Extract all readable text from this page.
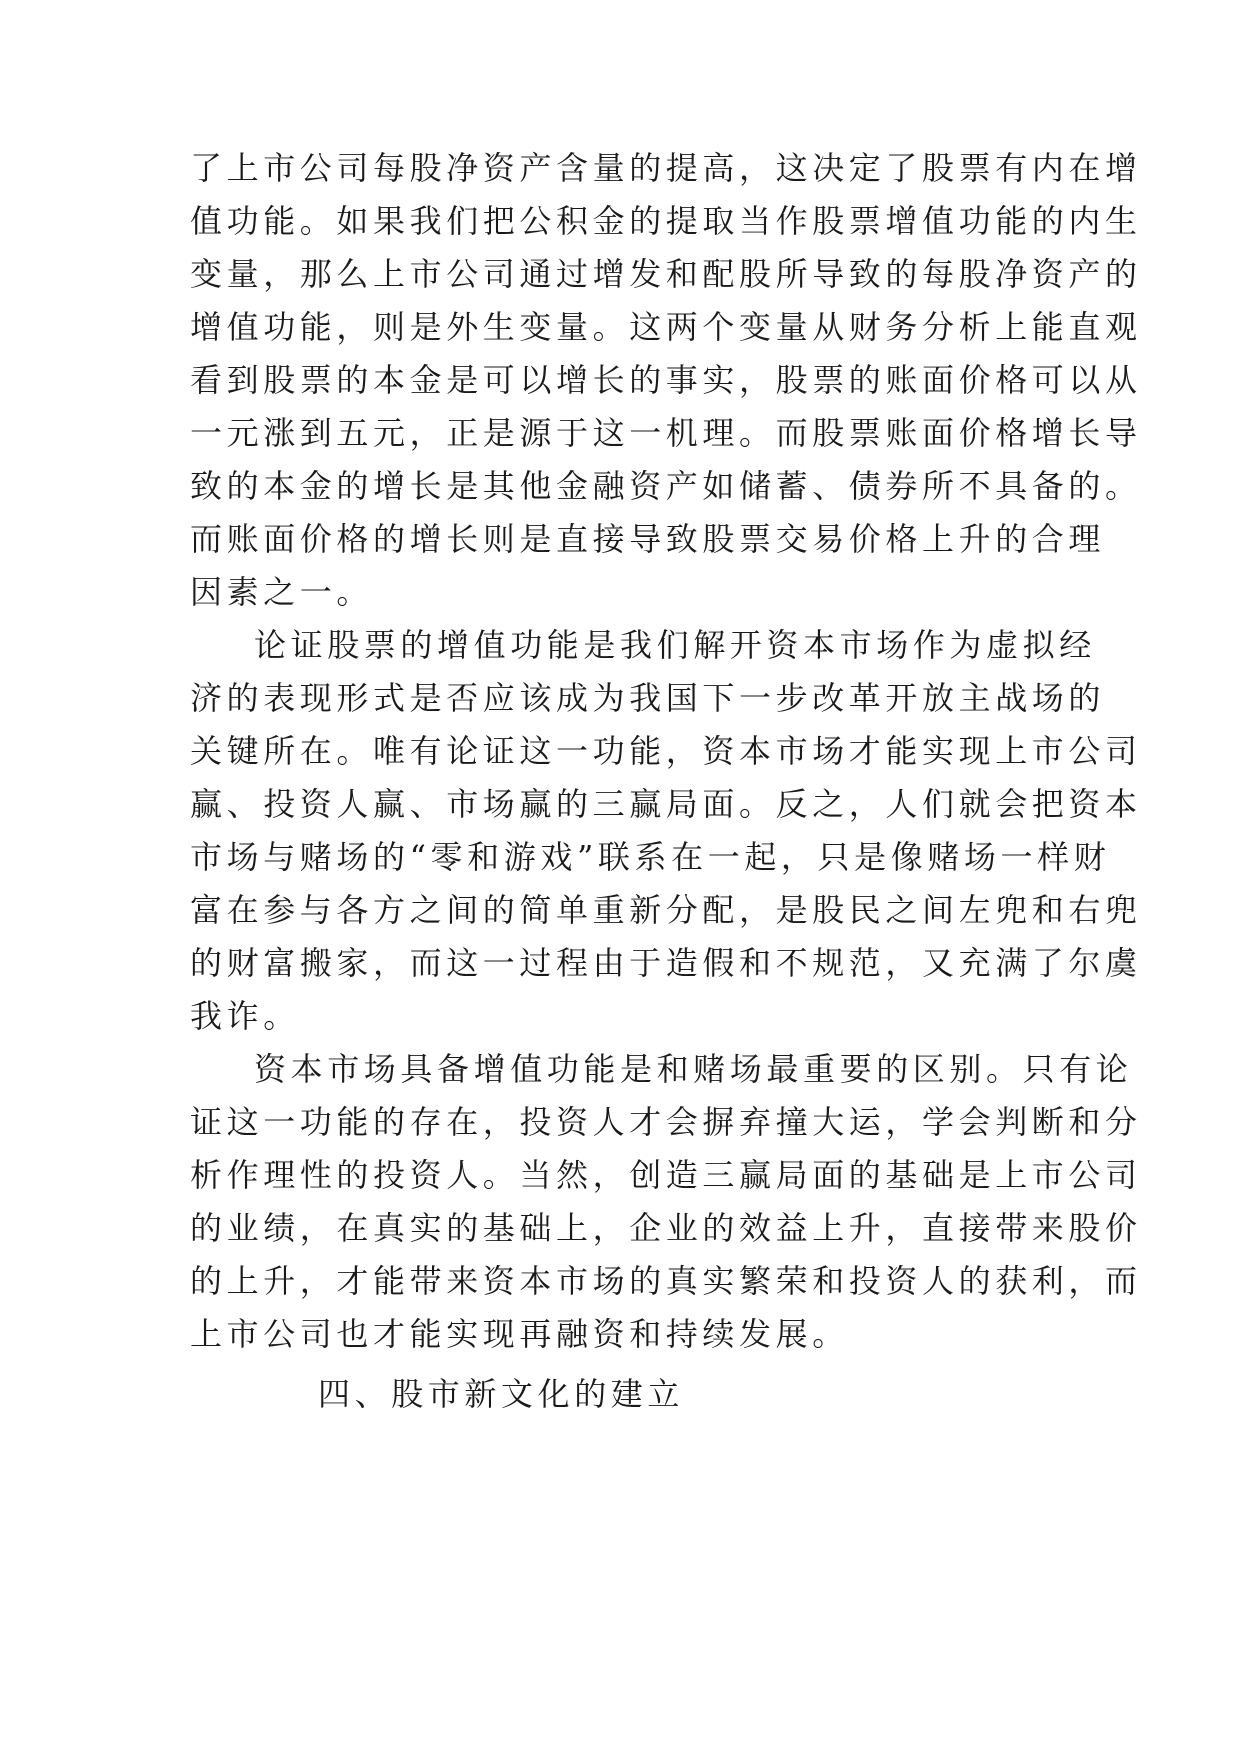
了上市公司每股净资产含量的提高，这决定了股票有内在增

值功能。如果我们把公积金的提取当作股票增值功能的内生

变量，那么上市公司通过增发和配股所导致的每股净资产的

增值功能，则是外生变量。这两个变量从财务分析上能直观

看到股票的本金是可以增长的事实，股票的账面价格可以从

一元涨到五元，正是源于这一机理。而股票账面价格增长导

致的本金的增长是其他金融资产如储蓄、债券所不具备的。

而账面价格的增长则是直接导致股票交易价格上升的合理

因素之一。

论证股票的增值功能是我们解开资本市场作为虚拟经

济的表现形式是否应该成为我国下一步改革开放主战场的

关键所在。唯有论证这一功能，资本市场才能实现上市公司

赢、投资人赢、市场赢的三赢局面。反之，人们就会把资本

市场与赌场的“零和游戏”联系在一起，只是像赌场一样财

富在参与各方之间的简单重新分配，是股民之间左兜和右兜

的财富搬家，而这一过程由于造假和不规范，又充满了尔虞

我诈。

资本市场具备增值功能是和赌场最重要的区别。只有论

证这一功能的存在，投资人才会摒弃撞大运，学会判断和分

析作理性的投资人。当然，创造三赢局面的基础是上市公司

的业绩，在真实的基础上，企业的效益上升，直接带来股价

的上升，才能带来资本市场的真实繁荣和投资人的获利，而

上市公司也才能实现再融资和持续发展。

四、股市新文化的建立
